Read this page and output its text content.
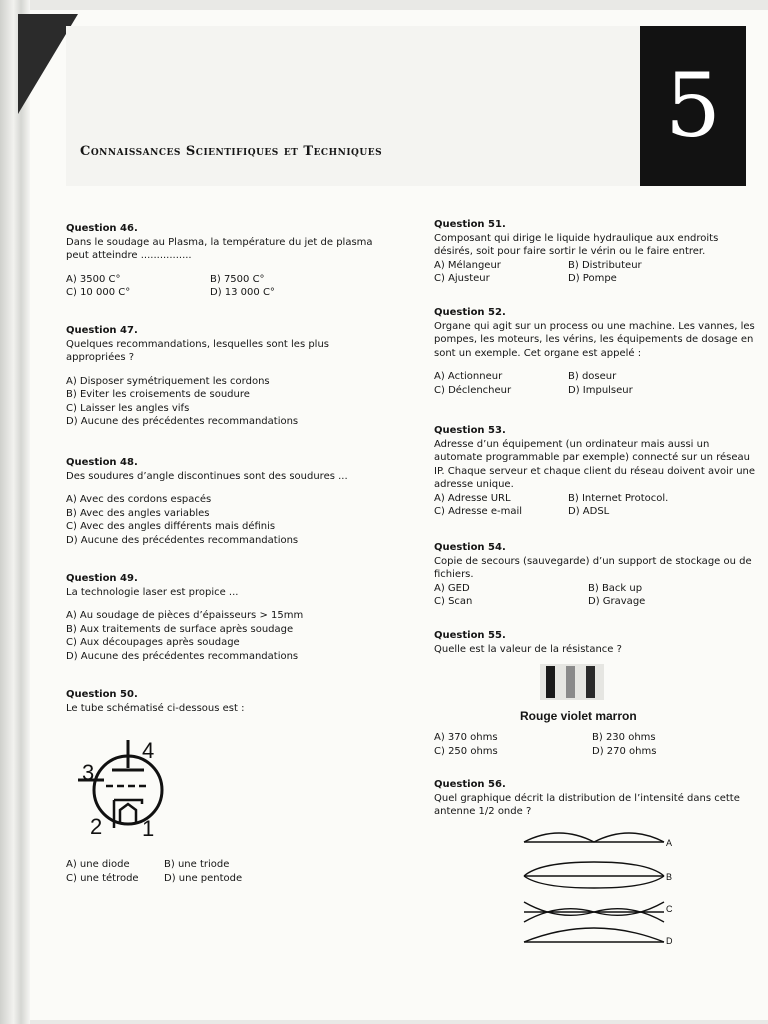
5
Connaissances Scientifiques et Techniques
Question 46.
Dans le soudage au Plasma, la température du jet de plasma peut atteindre ................
A) 3500 C°	B) 7500 C°
C) 10 000 C°	D) 13 000 C°
Question 47.
Quelques recommandations, lesquelles sont les plus appropriées ?
A) Disposer symétriquement les cordons
B) Eviter les croisements de soudure
C) Laisser les angles vifs
D) Aucune des précédentes recommandations
Question 48.
Des soudures d’angle discontinues sont des soudures ...
A) Avec des cordons espacés
B) Avec des angles variables
C) Avec des angles différents mais définis
D) Aucune des précédentes recommandations
Question 49.
La technologie laser est propice ...
A) Au soudage de pièces d’épaisseurs > 15mm
B) Aux traitements de surface après soudage
C) Aux découpages après soudage
D) Aucune des précédentes recommandations
Question 50.
Le tube schématisé ci-dessous est :
3
4
2 1
A) une diode	B) une triode
C) une tétrode	D) une pentode
Question 51.
Composant qui dirige le liquide hydraulique aux endroits désirés, soit pour faire sortir le vérin ou le faire entrer.
A) Mélangeur	B) Distributeur
C) Ajusteur	D) Pompe
Question 52.
Organe qui agit sur un process ou une machine. Les vannes, les pompes, les moteurs, les vérins, les équipements de dosage en sont un exemple. Cet organe est appelé :
A) Actionneur	B) doseur
C) Déclencheur	D) Impulseur
Question 53.
Adresse d’un équipement (un ordinateur mais aussi un automate programmable par exemple) connecté sur un réseau IP. Chaque serveur et chaque client du réseau doivent avoir une adresse unique.
A) Adresse URL	B) Internet Protocol.
C) Adresse e-mail	D) ADSL
Question 54.
Copie de secours (sauvegarde) d’un support de stockage ou de fichiers.
A) GED	B) Back up
C) Scan	D) Gravage
Question 55.
Quelle est la valeur de la résistance ?
Rouge violet marron
A) 370 ohms	B) 230 ohms
C) 250 ohms	D) 270 ohms
Question 56.
Quel graphique décrit la distribution de l’intensité dans cette antenne 1/2 onde ?
A
B
C
D
